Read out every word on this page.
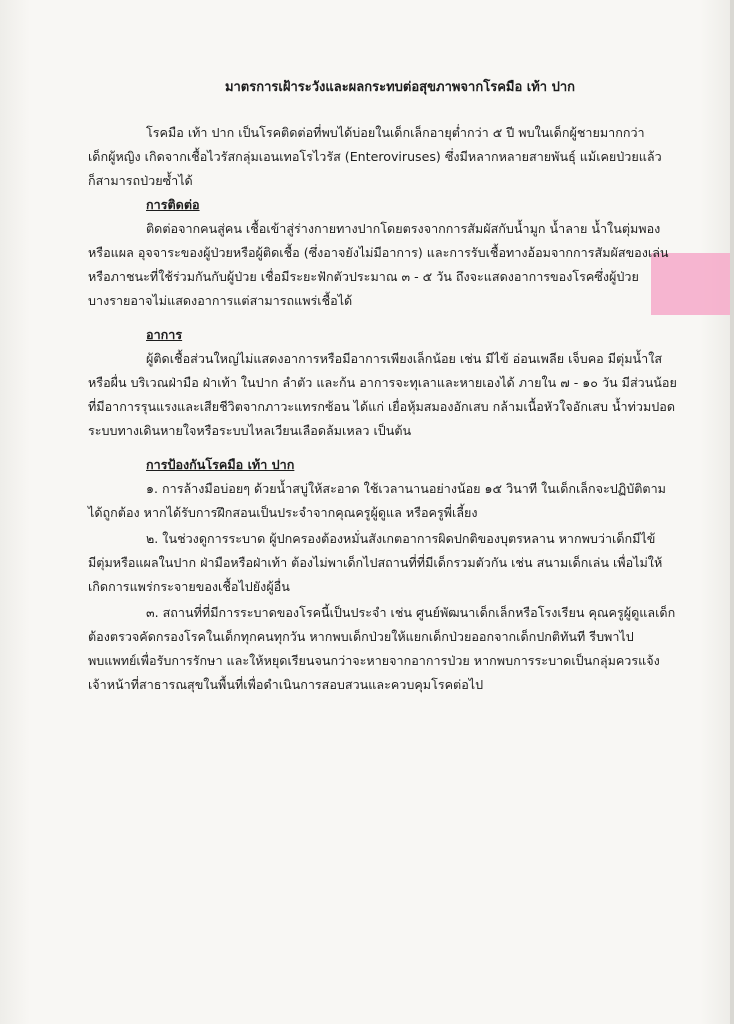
มาตรการเฝ้าระวังและผลกระทบต่อสุขภาพจากโรคมือ เท้า ปาก

โรคมือ เท้า ปาก เป็นโรคติดต่อที่พบได้บ่อยในเด็กเล็กอายุต่ำกว่า ๕ ปี พบในเด็กผู้ชายมากกว่า

เด็กผู้หญิง เกิดจากเชื้อไวรัสกลุ่มเอนเทอโรไวรัส (Enteroviruses) ซึ่งมีหลากหลายสายพันธุ์ แม้เคยป่วยแล้ว

ก็สามารถป่วยซ้ำได้

การติดต่อ

ติดต่อจากคนสู่คน เชื้อเข้าสู่ร่างกายทางปากโดยตรงจากการสัมผัสกับน้ำมูก น้ำลาย น้ำในตุ่มพอง

หรือแผล อุจจาระของผู้ป่วยหรือผู้ติดเชื้อ (ซึ่งอาจยังไม่มีอาการ) และการรับเชื้อทางอ้อมจากการสัมผัสของเล่น

หรือภาชนะที่ใช้ร่วมกันกับผู้ป่วย เชื่อมีระยะฟักตัวประมาณ ๓ - ๕ วัน ถึงจะแสดงอาการของโรคซึ่งผู้ป่วย

บางรายอาจไม่แสดงอาการแต่สามารถแพร่เชื้อได้

อาการ

ผู้ติดเชื้อส่วนใหญ่ไม่แสดงอาการหรือมีอาการเพียงเล็กน้อย เช่น มีไข้ อ่อนเพลีย เจ็บคอ มีตุ่มน้ำใส

หรือผื่น บริเวณฝ่ามือ ฝ่าเท้า ในปาก ลำตัว และก้น อาการจะทุเลาและหายเองได้ ภายใน ๗ - ๑๐ วัน มีส่วนน้อย

ที่มีอาการรุนแรงและเสียชีวิตจากภาวะแทรกซ้อน ได้แก่ เยื่อหุ้มสมองอักเสบ กล้ามเนื้อหัวใจอักเสบ น้ำท่วมปอด

ระบบทางเดินหายใจหรือระบบไหลเวียนเลือดล้มเหลว เป็นต้น

การป้องกันโรคมือ เท้า ปาก

๑. การล้างมือบ่อยๆ ด้วยน้ำสบู่ให้สะอาด ใช้เวลานานอย่างน้อย ๑๕ วินาที ในเด็กเล็กจะปฏิบัติตาม

ได้ถูกต้อง หากได้รับการฝึกสอนเป็นประจำจากคุณครูผู้ดูแล หรือครูพี่เลี้ยง

๒. ในช่วงดูการระบาด ผู้ปกครองต้องหมั่นสังเกตอาการผิดปกติของบุตรหลาน หากพบว่าเด็กมีไข้

มีตุ่มหรือแผลในปาก ฝ่ามือหรือฝ่าเท้า ต้องไม่พาเด็กไปสถานที่ที่มีเด็กรวมตัวกัน เช่น สนามเด็กเล่น เพื่อไม่ให้

เกิดการแพร่กระจายของเชื้อไปยังผู้อื่น

๓. สถานที่ที่มีการระบาดของโรคนี้เป็นประจำ เช่น ศูนย์พัฒนาเด็กเล็กหรือโรงเรียน คุณครูผู้ดูแลเด็ก

ต้องตรวจคัดกรองโรคในเด็กทุกคนทุกวัน หากพบเด็กป่วยให้แยกเด็กป่วยออกจากเด็กปกติทันที รีบพาไป

พบแพทย์เพื่อรับการรักษา และให้หยุดเรียนจนกว่าจะหายจากอาการป่วย หากพบการระบาดเป็นกลุ่มควรแจ้ง

เจ้าหน้าที่สาธารณสุขในพื้นที่เพื่อดำเนินการสอบสวนและควบคุมโรคต่อไป
